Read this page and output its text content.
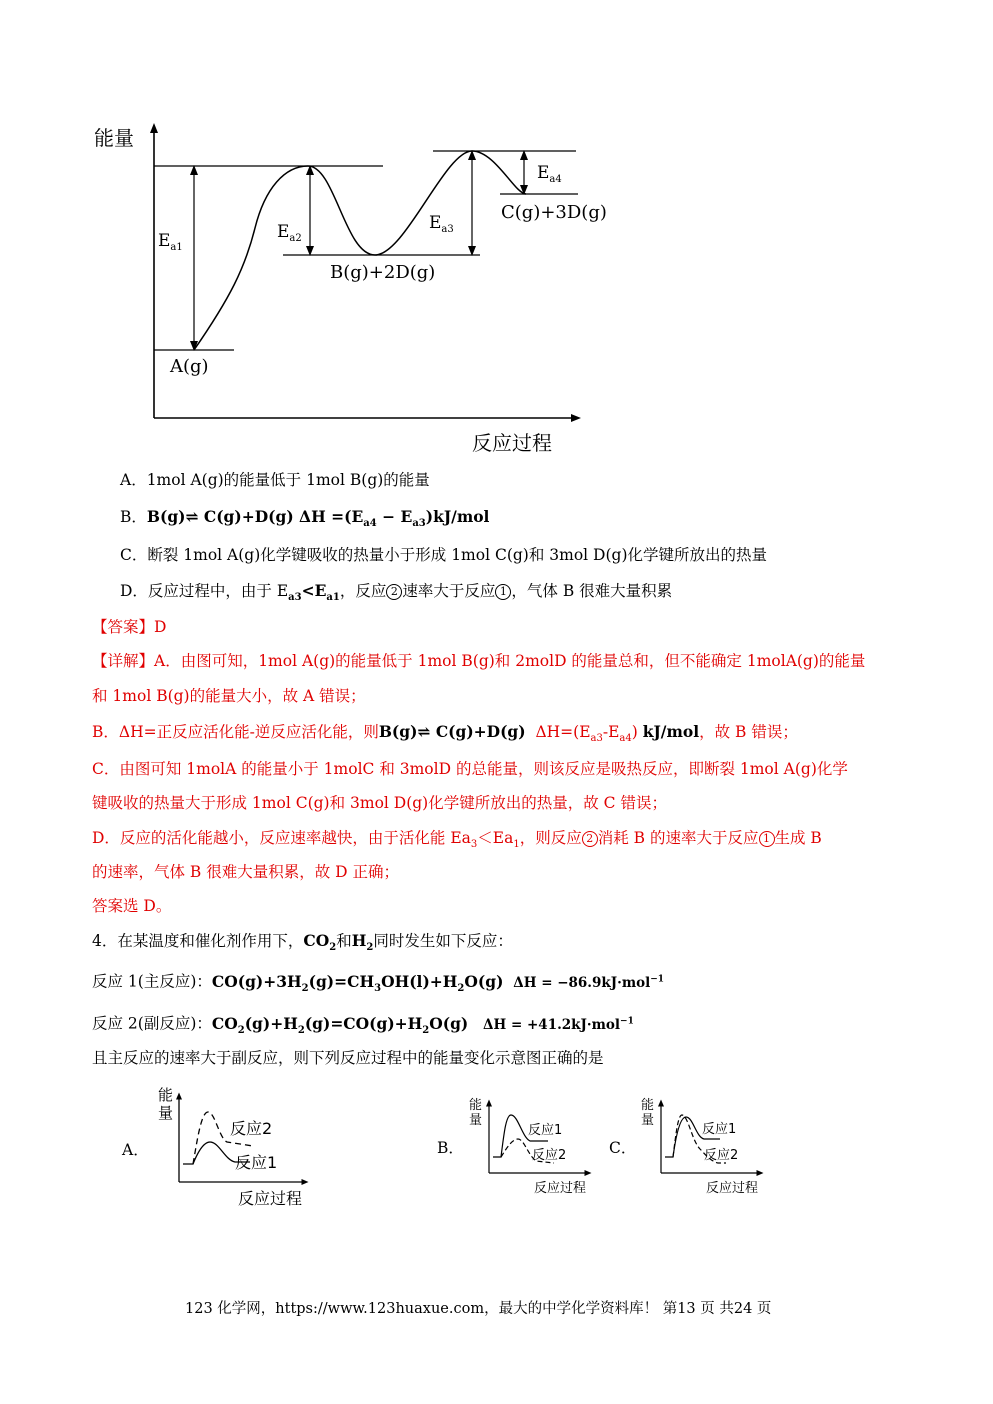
能量
反应过程
$E_{a1}$
$E_{a2}$
$E_{a3}$
$E_{a4}$
A(g)
B(g)+2D(g)
C(g)+3D(g)
A．1mol A(g)的能量低于 1mol B(g)的能量
B．B(g)⇌ C(g)+D(g) $\Delta H =(E_{a4} - E_{a3})kJ/mol$
C．断裂 1mol A(g)化学键吸收的热量小于形成 1mol C(g)和 3mol D(g)化学键所放出的热量
D．反应过程中，由于 $E_{a3}<E_{a1}$，反应 2 速率大于反应 1 ，气体 B 很难大量积累
【答案】D
【详解】A．由图可知，1mol A(g)的能量低于 1mol B(g)和 2molD 的能量总和，但不能确定 1molA(g)的能量
和 1mol B(g)的能量大小，故 A 错误；
B．ΔH=正反应活化能-逆反应活化能，则B(g)⇌ C(g)+D(g) $\Delta H=(E_{a3}-E_{a4})$ kJ/mol，故 B 错误；
C．由图可知 1molA 的能量小于 1molC 和 3molD 的总能量，则该反应是吸热反应，即断裂 1mol A(g)化学
键吸收的热量大于形成 1mol C(g)和 3mol D(g)化学键所放出的热量，故 C 错误；
D．反应的活化能越小，反应速率越快，由于活化能 $Ea_3<Ea_1$，则反应 2 消耗 B 的速率大于反应 1 生成 B
的速率，气体 B 很难大量积累，故 D 正确；
答案选 D。
4．在某温度和催化剂作用下，$CO_2$和$H_2$同时发生如下反应：
反应 1(主反应)：$CO(g)+3H_2(g)=CH_3OH(l)+H_2O(g) \Delta H = -86.9kJ\cdot mol^{-1}$
反应 2(副反应)：$CO_2(g)+H_2(g)=CO(g)+H_2O(g) \Delta H = +41.2kJ\cdot mol^{-1}$
且主反应的速率大于副反应，则下列反应过程中的能量变化示意图正确的是
A．
能
量
反应2
反应1
反应过程
B．
能
量
反应1
反应2
反应过程
C．
能
量
反应1
反应2
反应过程
123 化学网，https://www.123huaxue.com，最大的中学化学资料库！ 第13 页 共24 页
